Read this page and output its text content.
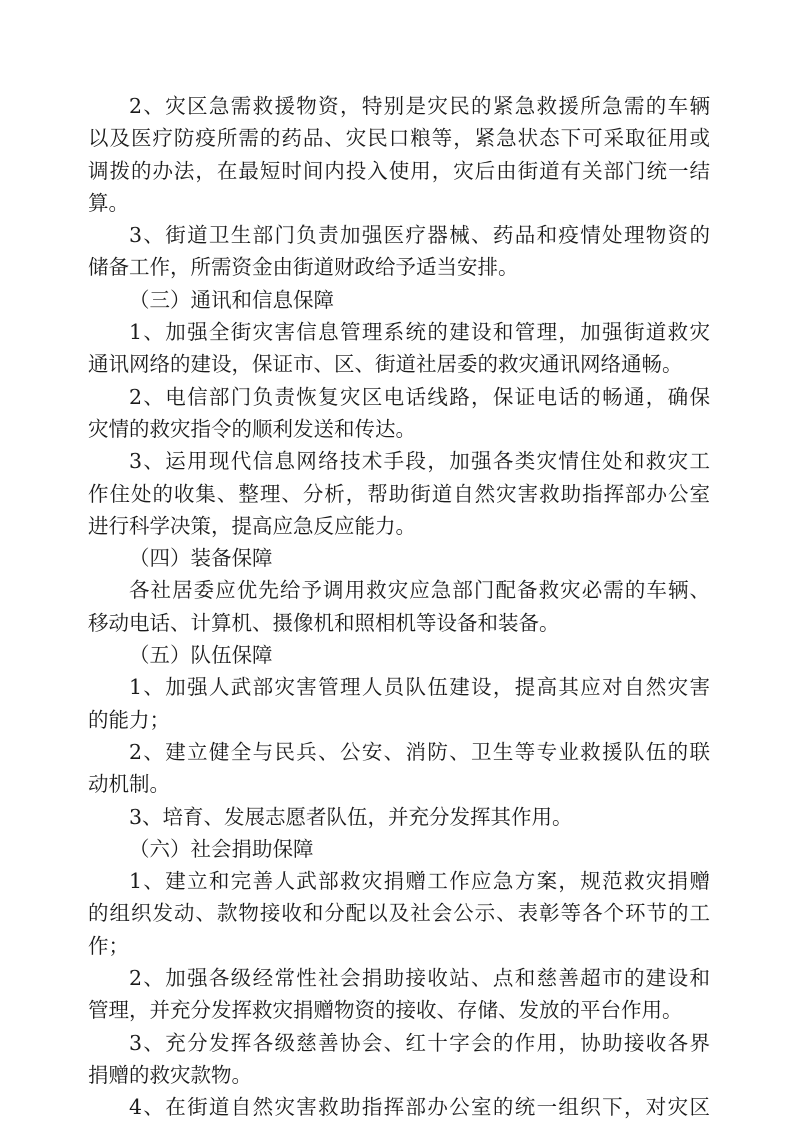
2、灾区急需救援物资，特别是灾民的紧急救援所急需的车辆
以及医疗防疫所需的药品、灾民口粮等，紧急状态下可采取征用或
调拨的办法，在最短时间内投入使用，灾后由街道有关部门统一结
算。
3、街道卫生部门负责加强医疗器械、药品和疫情处理物资的
储备工作，所需资金由街道财政给予适当安排。
（三）通讯和信息保障
1、加强全街灾害信息管理系统的建设和管理，加强街道救灾
通讯网络的建设，保证市、区、街道社居委的救灾通讯网络通畅。
2、电信部门负责恢复灾区电话线路，保证电话的畅通，确保
灾情的救灾指令的顺利发送和传达。
3、运用现代信息网络技术手段，加强各类灾情住处和救灾工
作住处的收集、整理、分析，帮助街道自然灾害救助指挥部办公室
进行科学决策，提高应急反应能力。
（四）装备保障
各社居委应优先给予调用救灾应急部门配备救灾必需的车辆、
移动电话、计算机、摄像机和照相机等设备和装备。
（五）队伍保障
1、加强人武部灾害管理人员队伍建设，提高其应对自然灾害
的能力；
2、建立健全与民兵、公安、消防、卫生等专业救援队伍的联
动机制。
3、培育、发展志愿者队伍，并充分发挥其作用。
（六）社会捐助保障
1、建立和完善人武部救灾捐赠工作应急方案，规范救灾捐赠
的组织发动、款物接收和分配以及社会公示、表彰等各个环节的工
作；
2、加强各级经常性社会捐助接收站、点和慈善超市的建设和
管理，并充分发挥救灾捐赠物资的接收、存储、发放的平台作用。
3、充分发挥各级慈善协会、红十字会的作用，协助接收各界
捐赠的救灾款物。
4、在街道自然灾害救助指挥部办公室的统一组织下，对灾区
